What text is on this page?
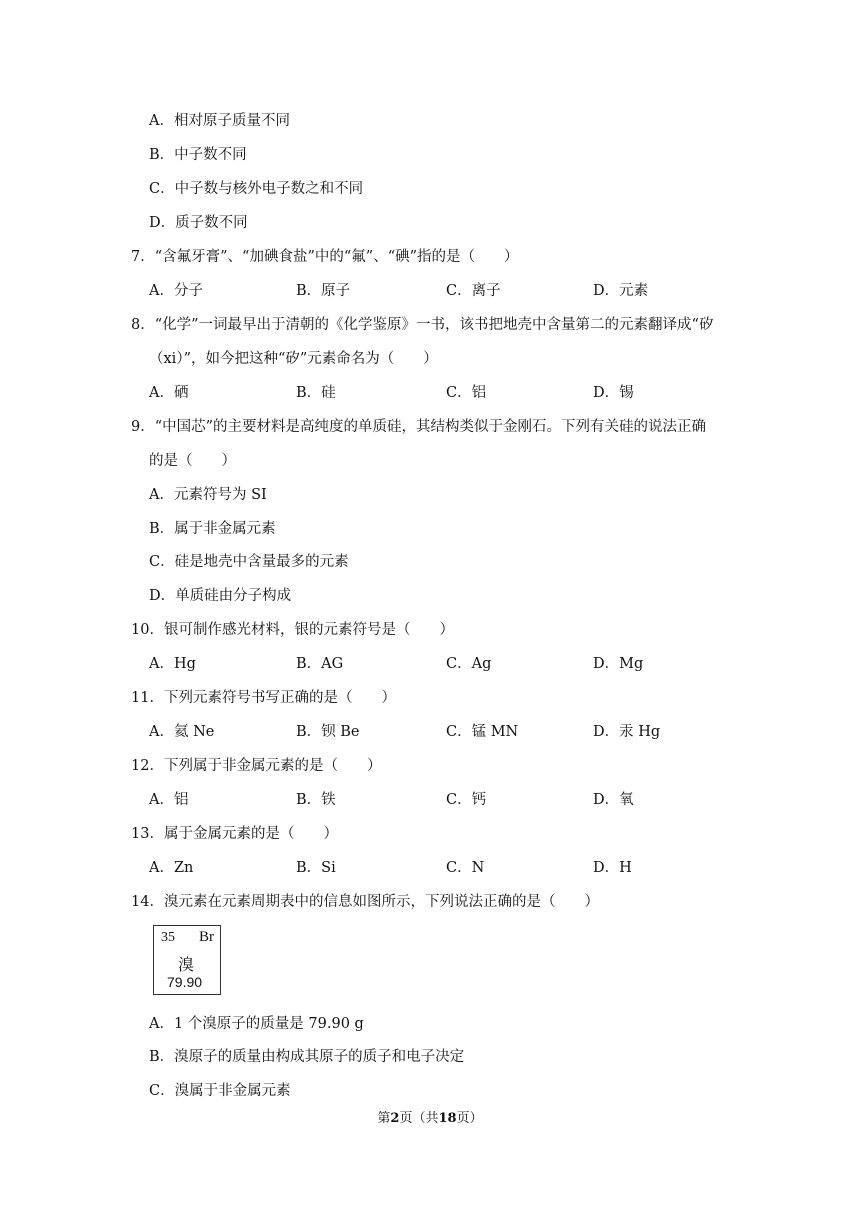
A．相对原子质量不同
B．中子数不同
C．中子数与核外电子数之和不同
D．质子数不同
7．“含氟牙膏”、“加碘食盐”中的“氟”、“碘”指的是（　　）
A．分子	B．原子	C．离子	D．元素
8．“化学”一词最早出于清朝的《化学鉴原》一书，该书把地壳中含量第二的元素翻译成“矽
（xi）”，如今把这种“矽”元素命名为（　　）
A．硒	B．硅	C．铝	D．锡
9．“中国芯”的主要材料是高纯度的单质硅，其结构类似于金刚石。下列有关硅的说法正确
的是（　　）
A．元素符号为 SI
B．属于非金属元素
C．硅是地壳中含量最多的元素
D．单质硅由分子构成
10．银可制作感光材料，银的元素符号是（　　）
A．Hg	B．AG	C．Ag	D．Mg
11．下列元素符号书写正确的是（　　）
A．氦 Ne	B．钡 Be	C．锰 MN	D．汞 Hg
12．下列属于非金属元素的是（　　）
A．铝	B．铁	C．钙	D．氧
13．属于金属元素的是（　　）
A．Zn	B．Si	C．N	D．H
14．溴元素在元素周期表中的信息如图所示，下列说法正确的是（　　）
35 Br
溴
79.90
A．1 个溴原子的质量是 79.90 g
B．溴原子的质量由构成其原子的质子和电子决定
C．溴属于非金属元素
第2页（共18页）
